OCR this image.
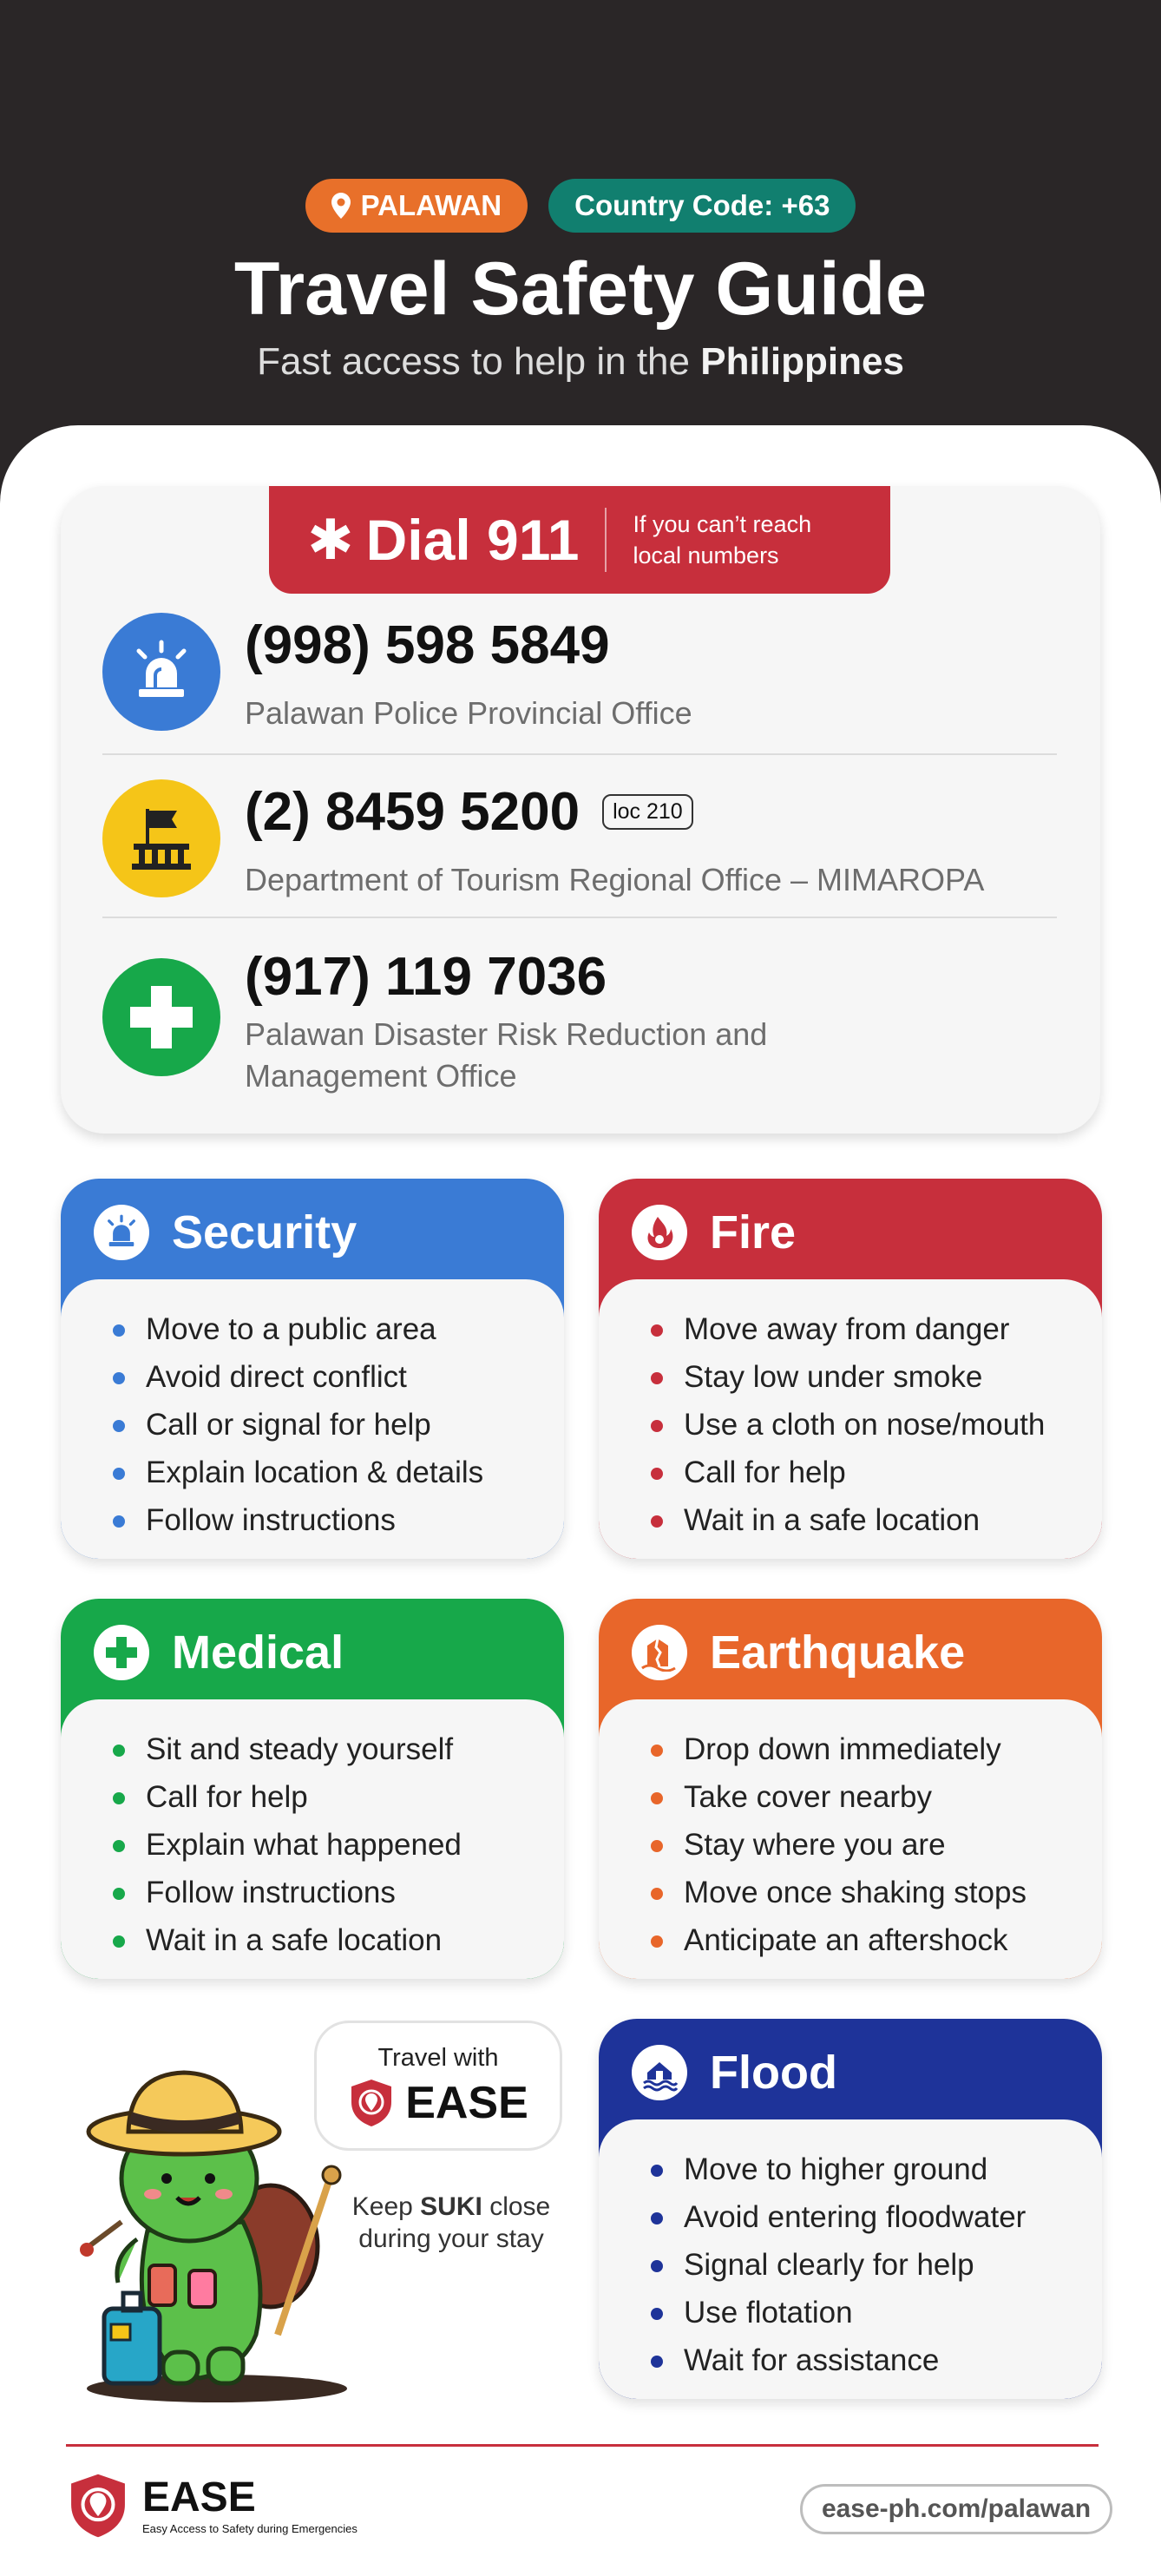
PALAWAN	Country Code: +63
Travel Safety Guide
Fast access to help in the Philippines
✱ Dial 911 If you can’t reach local numbers
(998) 598 5849
Palawan Police Provincial Office
(2) 8459 5200	loc 210
Department of Tourism Regional Office – MIMAROPA
(917) 119 7036
Palawan Disaster Risk Reduction and Management Office
Security
Move to a public area
Avoid direct conflict
Call or signal for help
Explain location & details
Follow instructions
Fire
Move away from danger
Stay low under smoke
Use a cloth on nose/mouth
Call for help
Wait in a safe location
Medical
Sit and steady yourself
Call for help
Explain what happened
Follow instructions
Wait in a safe location
Earthquake
Drop down immediately
Take cover nearby
Stay where you are
Move once shaking stops
Anticipate an aftershock
Flood
Move to higher ground
Avoid entering floodwater
Signal clearly for help
Use flotation
Wait for assistance
Travel with
EASE
Keep SUKI close during your stay
EASE
Easy Access to Safety during Emergencies
ease-ph.com/palawan
